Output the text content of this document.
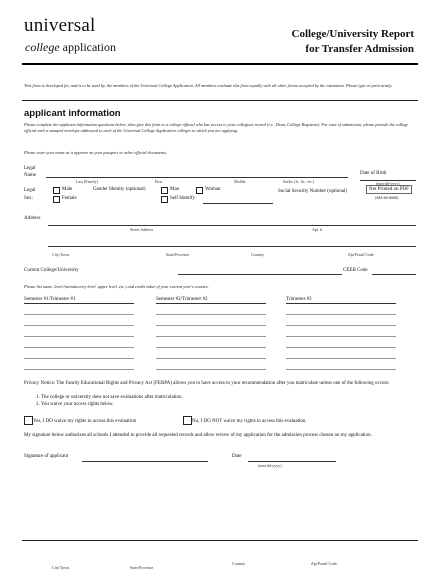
universal
college application
College/University Report
for Transfer Admission
This form is developed for, and is to be used by, the members of the Universal College Application. All members evaluate this form equally with all other forms accepted by the institution. Please type or print neatly.
applicant information
Please complete the applicant information questions below; then give this form to a college official who has access to your collegiate record (i.e., Dean, College Registrar). For ease of submission, please provide the college official with a stamped envelope addressed to each of the Universal College Application colleges to which you are applying.
Please enter your name as it appears on your passport or other official documents.
Legal
Name
Last (Family)	First	Middle	Suffix (Jr., Sr., etc.)
Date of Birth
(mm-dd-yyyy)
Legal
Sex:
Male
Female
Gender Identity (optional)	Man	Woman
Self Identify
Social Security Number (optional)	Not Printed on PDF
(###-##-####)
Address
Street Address	Apt. #
City/Town	State/Province	Country	Zip/Postal Code
Current College/University	CEEB Code
Please list name, level (introductory level, upper level, etc.) and credit value of your current year's courses.
Semester #1/Trimester #1	Semester #2/Trimester #2	Trimester #3
Privacy Notice: The Family Educational Rights and Privacy Act (FERPA) allows you to have access to your recommendation after you matriculate unless one of the following occurs:
1. The college or university does not save evaluations after matriculation.
2. You waive your access rights below.
Yes, I DO waive my rights to access this evaluation	No, I DO NOT waive my rights to access this evaluation.
My signature below authorizes all schools I attended to provide all requested records and allow review of my application for the admission process chosen on my application.
Signature of applicant	Date
(mm-dd-yyyy)
City/Town	State/Province
Country	Zip/Postal Code
